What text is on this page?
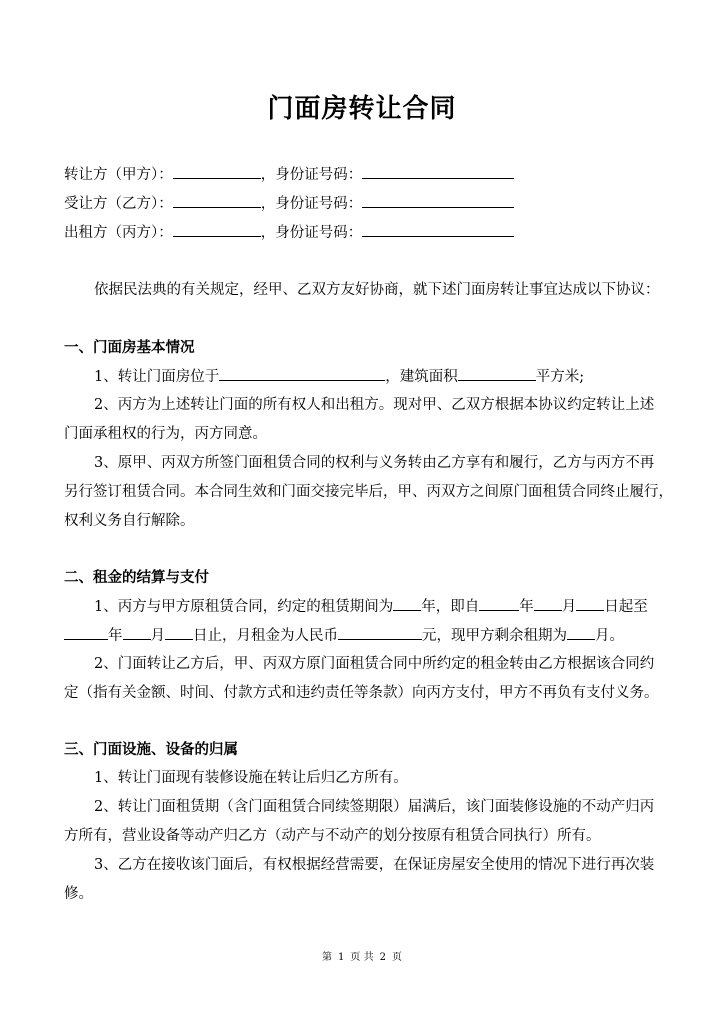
门面房转让合同
转让方（甲方）：	，身份证号码：
受让方（乙方）：	，身份证号码：
出租方（丙方）：	，身份证号码：
依据民法典的有关规定，经甲、乙双方友好协商，就下述门面房转让事宜达成以下协议：
一、门面房基本情况
1、转让门面房位于	，建筑面积	平方米;
2、丙方为上述转让门面的所有权人和出租方。现对甲、乙双方根据本协议约定转让上述
门面承租权的行为，丙方同意。
3、原甲、丙双方所签门面租赁合同的权利与义务转由乙方享有和履行，乙方与丙方不再
另行签订租赁合同。本合同生效和门面交接完毕后，甲、丙双方之间原门面租赁合同终止履行，
权利义务自行解除。
二、租金的结算与支付
1、丙方与甲方原租赁合同，约定的租赁期间为 年，即自	年 月 日起至
年 月 日止，月租金为人民币	元，现甲方剩余租期为 月。
2、门面转让乙方后，甲、丙双方原门面租赁合同中所约定的租金转由乙方根据该合同约
定（指有关金额、时间、付款方式和违约责任等条款）向丙方支付，甲方不再负有支付义务。
三、门面设施、设备的归属
1、转让门面现有装修设施在转让后归乙方所有。
2、转让门面租赁期（含门面租赁合同续签期限）届满后，该门面装修设施的不动产归丙
方所有，营业设备等动产归乙方（动产与不动产的划分按原有租赁合同执行）所有。
3、乙方在接收该门面后，有权根据经营需要，在保证房屋安全使用的情况下进行再次装
修。
第 1 页 共 2 页
